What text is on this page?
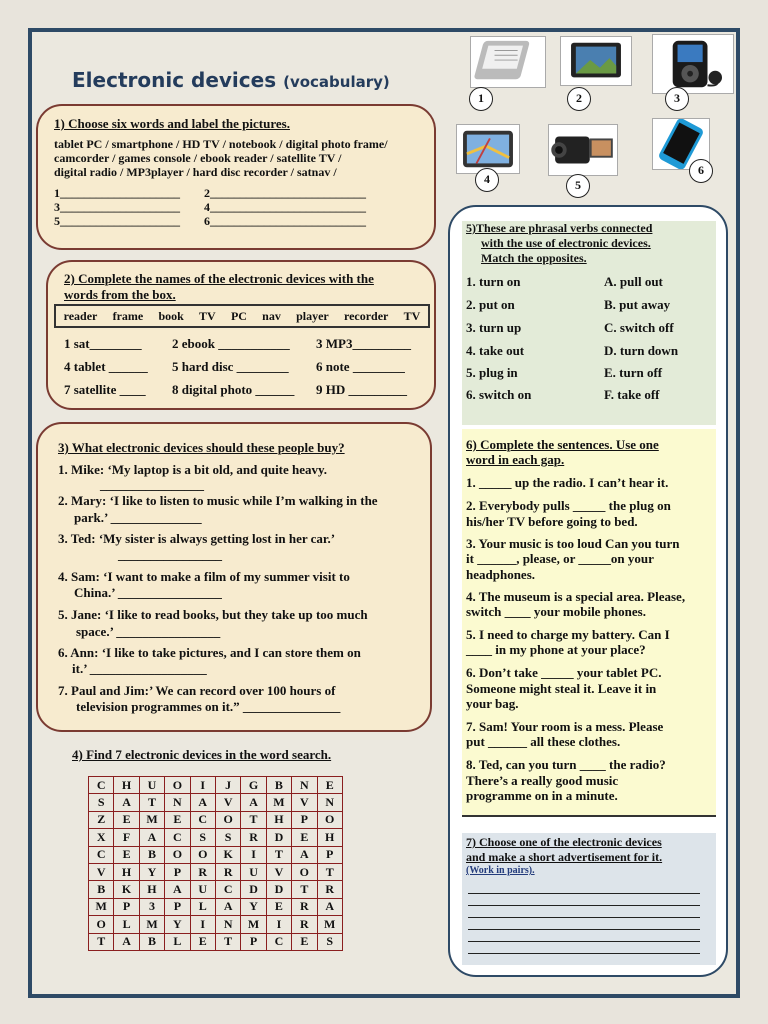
Electronic devices (vocabulary)
1	2	3
4	5
6
1) Choose six words and label the pictures.
tablet PC / smartphone / HD TV / notebook / digital photo frame/
camcorder / games console / ebook reader / satellite TV /
digital radio / MP3player / hard disc recorder / satnav /
1____________________ 2__________________________
3____________________ 4__________________________
5____________________ 6__________________________
2) Complete the names of the electronic devices with the
words from the box.
reader frame book TV PC nav player recorder TV
1 sat________ 2 ebook ___________ 3 MP3_________
4 tablet ______ 5 hard disc ________ 6 note ________
7 satellite ____ 8 digital photo ______ 9 HD _________
3) What electronic devices should these people buy?
1. Mike: ‘My laptop is a bit old, and quite heavy.
________________
2. Mary: ‘I like to listen to music while I’m walking in the
park.’ ______________
3. Ted: ‘My sister is always getting lost in her car.’
________________
4. Sam: ‘I want to make a film of my summer visit to
China.’ ________________
5. Jane: ‘I like to read books, but they take up too much
space.’ ________________
6. Ann: ‘I like to take pictures, and I can store them on
it.’ __________________
7. Paul and Jim:’ We can record over 100 hours of
television programmes on it.” _______________
4) Find 7 electronic devices in the word search.
C	H	U	O	I	J	G	B	N	E
S	A	T	N	A	V	A	M	V	N
Z	E	M	E	C	O	T	H	P	O
X	F	A	C	S	S	R	D	E	H
C	E	B	O	O	K	I	T	A	P
V	H	Y	P	R	R	U	V	O	T
B	K	H	A	U	C	D	D	T	R
M	P	3	P	L	A	Y	E	R	A
O	L	M	Y	I	N	M	I	R	M
T	A	B	L	E	T	P	C	E	S
5)These are phrasal verbs connected
with the use of electronic devices.
Match the opposites.
1. turn on	A. pull out
2. put on	B. put away
3. turn up	C. switch off
4. take out	D. turn down
5. plug in	E. turn off
6. switch on	F. take off
6) Complete the sentences. Use one
word in each gap.
1. _____ up the radio. I can’t hear it.
2. Everybody pulls _____ the plug on
his/her TV before going to bed.
3. Your music is too loud Can you turn
it ______, please, or _____on your
headphones.
4. The museum is a special area. Please,
switch ____ your mobile phones.
5. I need to charge my battery. Can I
____ in my phone at your place?
6. Don’t take _____ your tablet PC.
Someone might steal it. Leave it in
your bag.
7. Sam! Your room is a mess. Please
put ______ all these clothes.
8. Ted, can you turn ____ the radio?
There’s a really good music
programme on in a minute.
7) Choose one of the electronic devices
and make a short advertisement for it.
(Work in pairs).
